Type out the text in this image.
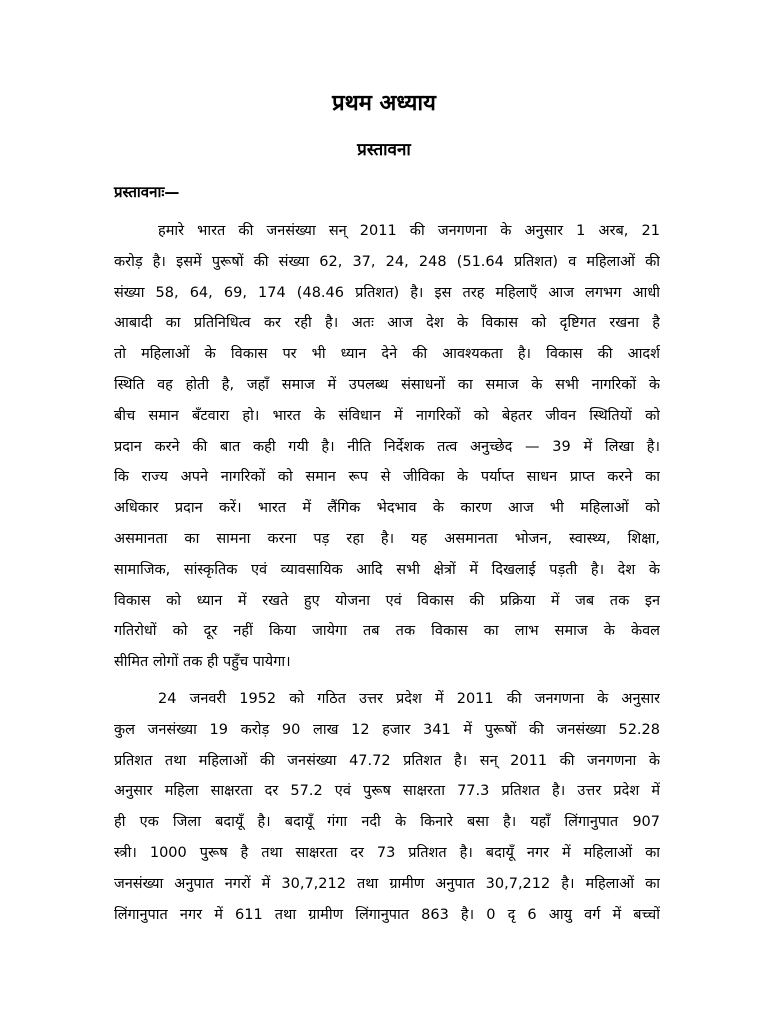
प्रथम अध्याय
प्रस्तावना
प्रस्तावनाः—
हमारे भारत की जनसंख्या सन् 2011 की जनगणना के अनुसार 1 अरब, 21
करोड़ है। इसमें पुरूषों की संख्या 62, 37, 24, 248 (51.64 प्रतिशत) व महिलाओं की
संख्या 58, 64, 69, 174 (48.46 प्रतिशत) है। इस तरह महिलाएँ आज लगभग आधी
आबादी का प्रतिनिधित्व कर रही है। अतः आज देश के विकास को दृष्टिगत रखना है
तो महिलाओं के विकास पर भी ध्यान देने की आवश्यकता है। विकास की आदर्श
स्थिति वह होती है, जहाँ समाज में उपलब्ध संसाधनों का समाज के सभी नागरिकों के
बीच समान बँटवारा हो। भारत के संविधान में नागरिकों को बेहतर जीवन स्थितियों को
प्रदान करने की बात कही गयी है। नीति निर्देशक तत्व अनुच्छेद — 39 में लिखा है।
कि राज्य अपने नागरिकों को समान रूप से जीविका के पर्याप्त साधन प्राप्त करने का
अधिकार प्रदान करें। भारत में लैंगिक भेदभाव के कारण आज भी महिलाओं को
असमानता का सामना करना पड़ रहा है। यह असमानता भोजन, स्वास्थ्य, शिक्षा,
सामाजिक, सांस्कृतिक एवं व्यावसायिक आदि सभी क्षेत्रों में दिखलाई पड़ती है। देश के
विकास को ध्यान में रखते हुए योजना एवं विकास की प्रक्रिया में जब तक इन
गतिरोधों को दूर नहीं किया जायेगा तब तक विकास का लाभ समाज के केवल
सीमित लोगों तक ही पहुँच पायेगा।
24 जनवरी 1952 को गठित उत्तर प्रदेश में 2011 की जनगणना के अनुसार
कुल जनसंख्या 19 करोड़ 90 लाख 12 हजार 341 में पुरूषों की जनसंख्या 52.28
प्रतिशत तथा महिलाओं की जनसंख्या 47.72 प्रतिशत है। सन् 2011 की जनगणना के
अनुसार महिला साक्षरता दर 57.2 एवं पुरूष साक्षरता 77.3 प्रतिशत है। उत्तर प्रदेश में
ही एक जिला बदायूँ है। बदायूँ गंगा नदी के किनारे बसा है। यहाँ लिंगानुपात 907
स्त्री। 1000 पुरूष है तथा साक्षरता दर 73 प्रतिशत है। बदायूँ नगर में महिलाओं का
जनसंख्या अनुपात नगरों में 30,7,212 तथा ग्रामीण अनुपात 30,7,212 है। महिलाओं का
लिंगानुपात नगर में 611 तथा ग्रामीण लिंगानुपात 863 है। 0 दृ 6 आयु वर्ग में बच्चों
